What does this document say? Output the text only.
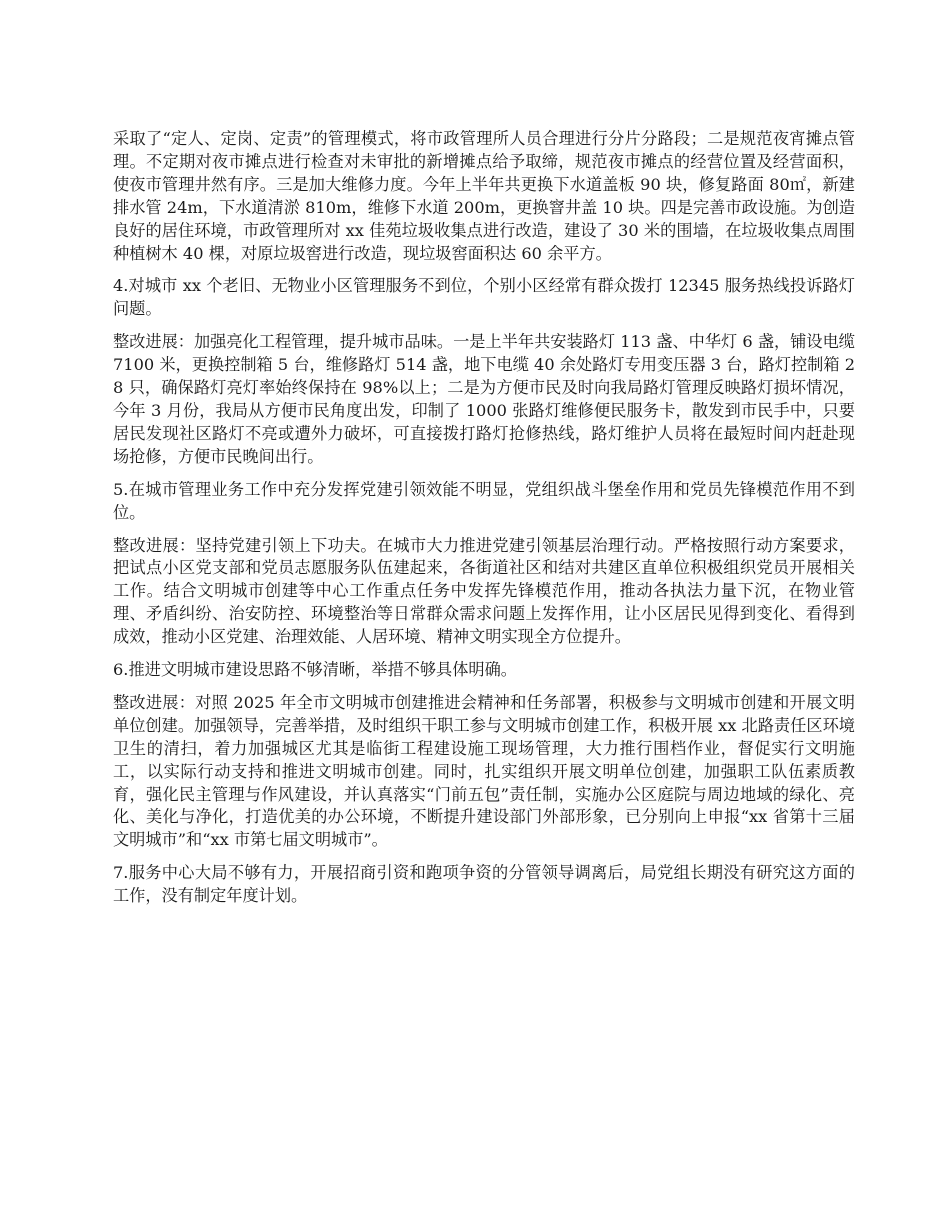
采取了“定人、定岗、定责”的管理模式，将市政管理所人员合理进行分片分路段；二是规范夜宵摊点管理。不定期对夜市摊点进行检查对未审批的新增摊点给予取缔，规范夜市摊点的经营位置及经营面积，使夜市管理井然有序。三是加大维修力度。今年上半年共更换下水道盖板 90 块，修复路面 80㎡，新建排水管 24m，下水道清淤 810m，维修下水道 200m，更换窨井盖 10 块。四是完善市政设施。为创造良好的居住环境，市政管理所对 xx 佳苑垃圾收集点进行改造，建设了 30 米的围墙，在垃圾收集点周围种植树木 40 棵，对原垃圾窖进行改造，现垃圾窖面积达 60 余平方。

4.对城市 xx 个老旧、无物业小区管理服务不到位，个别小区经常有群众拨打 12345 服务热线投诉路灯问题。

整改进展：加强亮化工程管理，提升城市品味。一是上半年共安装路灯 113 盏、中华灯 6 盏，铺设电缆 7100 米，更换控制箱 5 台，维修路灯 514 盏，地下电缆 40 余处路灯专用变压器 3 台，路灯控制箱 28 只，确保路灯亮灯率始终保持在 98%以上；二是为方便市民及时向我局路灯管理反映路灯损坏情况，今年 3 月份，我局从方便市民角度出发，印制了 1000 张路灯维修便民服务卡，散发到市民手中，只要居民发现社区路灯不亮或遭外力破坏，可直接拨打路灯抢修热线，路灯维护人员将在最短时间内赶赴现场抢修，方便市民晚间出行。

5.在城市管理业务工作中充分发挥党建引领效能不明显，党组织战斗堡垒作用和党员先锋模范作用不到位。

整改进展：坚持党建引领上下功夫。在城市大力推进党建引领基层治理行动。严格按照行动方案要求，把试点小区党支部和党员志愿服务队伍建起来，各街道社区和结对共建区直单位积极组织党员开展相关工作。结合文明城市创建等中心工作重点任务中发挥先锋模范作用，推动各执法力量下沉，在物业管理、矛盾纠纷、治安防控、环境整治等日常群众需求问题上发挥作用，让小区居民见得到变化、看得到成效，推动小区党建、治理效能、人居环境、精神文明实现全方位提升。

6.推进文明城市建设思路不够清晰，举措不够具体明确。

整改进展：对照 2025 年全市文明城市创建推进会精神和任务部署，积极参与文明城市创建和开展文明单位创建。加强领导，完善举措，及时组织干职工参与文明城市创建工作，积极开展 xx 北路责任区环境卫生的清扫，着力加强城区尤其是临街工程建设施工现场管理，大力推行围档作业，督促实行文明施工，以实际行动支持和推进文明城市创建。同时，扎实组织开展文明单位创建，加强职工队伍素质教育，强化民主管理与作风建设，并认真落实“门前五包”责任制，实施办公区庭院与周边地域的绿化、亮化、美化与净化，打造优美的办公环境，不断提升建设部门外部形象，已分别向上申报“xx 省第十三届文明城市”和“xx 市第七届文明城市”。

7.服务中心大局不够有力，开展招商引资和跑项争资的分管领导调离后，局党组长期没有研究这方面的工作，没有制定年度计划。
